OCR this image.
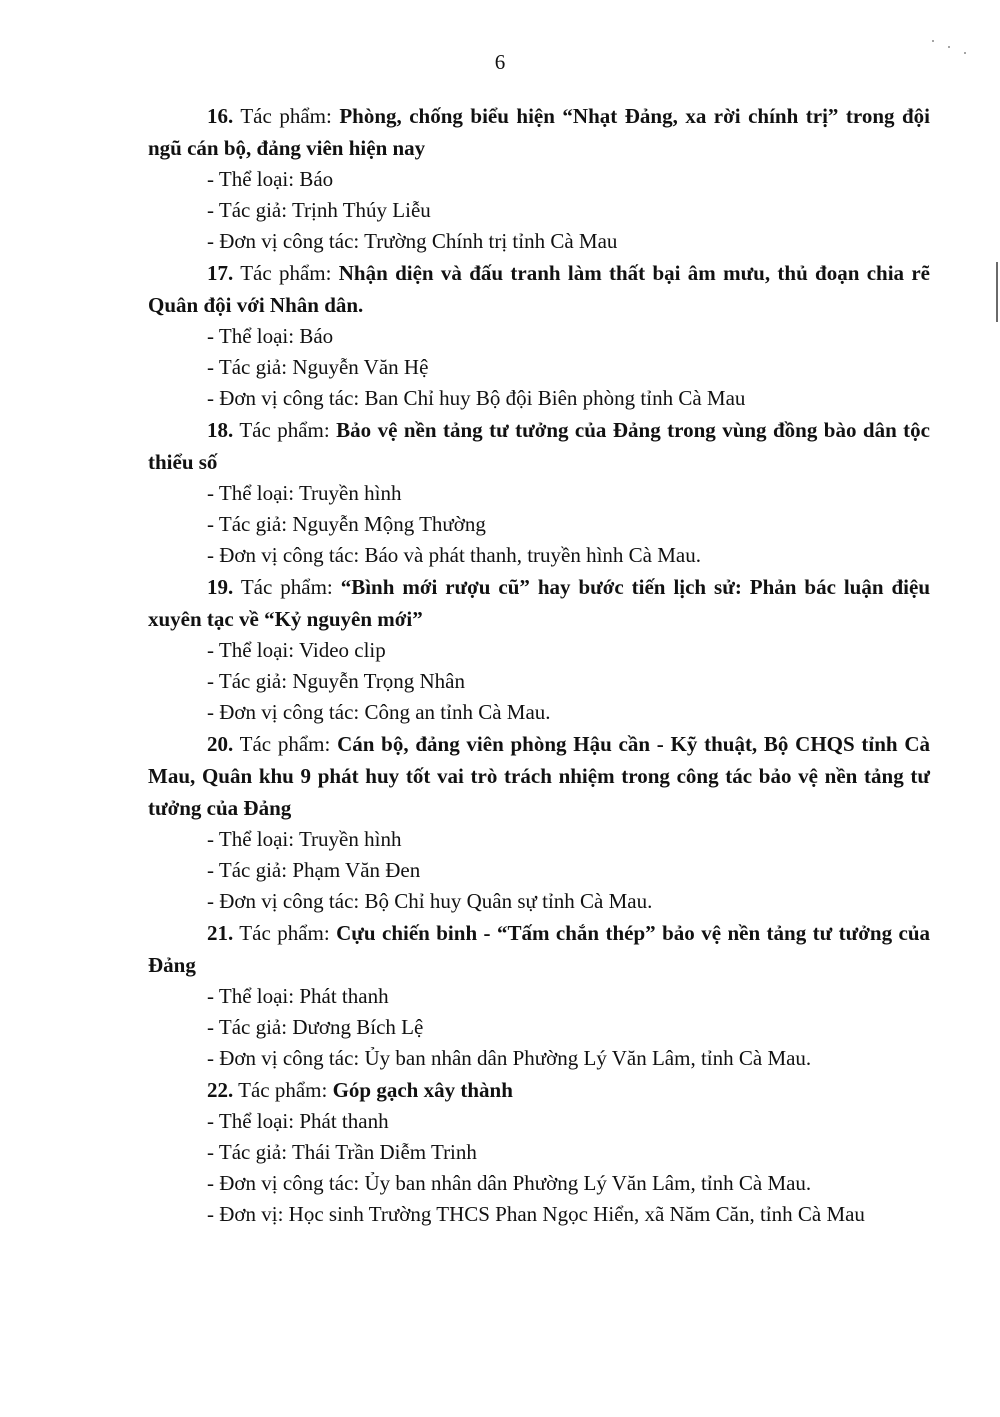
6

16. Tác phẩm: Phòng, chống biểu hiện “Nhạt Đảng, xa rời chính trị” trong đội ngũ cán bộ, đảng viên hiện nay

- Thể loại: Báo

- Tác giả: Trịnh Thúy Liễu

- Đơn vị công tác: Trường Chính trị tỉnh Cà Mau

17. Tác phẩm: Nhận diện và đấu tranh làm thất bại âm mưu, thủ đoạn chia rẽ Quân đội với Nhân dân.

- Thể loại: Báo

- Tác giả: Nguyễn Văn Hệ

- Đơn vị công tác: Ban Chỉ huy Bộ đội Biên phòng tỉnh Cà Mau

18. Tác phẩm: Bảo vệ nền tảng tư tưởng của Đảng trong vùng đồng bào dân tộc thiểu số

- Thể loại: Truyền hình

- Tác giả: Nguyễn Mộng Thường

- Đơn vị công tác: Báo và phát thanh, truyền hình Cà Mau.

19. Tác phẩm: “Bình mới rượu cũ” hay bước tiến lịch sử: Phản bác luận điệu xuyên tạc về “Kỷ nguyên mới”

- Thể loại: Video clip

- Tác giả: Nguyễn Trọng Nhân

- Đơn vị công tác: Công an tỉnh Cà Mau.

20. Tác phẩm: Cán bộ, đảng viên phòng Hậu cần - Kỹ thuật, Bộ CHQS tỉnh Cà Mau, Quân khu 9 phát huy tốt vai trò trách nhiệm trong công tác bảo vệ nền tảng tư tưởng của Đảng

- Thể loại: Truyền hình

- Tác giả: Phạm Văn Đen

- Đơn vị công tác: Bộ Chỉ huy Quân sự tỉnh Cà Mau.

21. Tác phẩm: Cựu chiến binh - “Tấm chắn thép” bảo vệ nền tảng tư tưởng của Đảng

- Thể loại: Phát thanh

- Tác giả: Dương Bích Lệ

- Đơn vị công tác: Ủy ban nhân dân Phường Lý Văn Lâm, tỉnh Cà Mau.

22. Tác phẩm: Góp gạch xây thành

- Thể loại: Phát thanh

- Tác giả: Thái Trần Diễm Trinh

- Đơn vị công tác: Ủy ban nhân dân Phường Lý Văn Lâm, tỉnh Cà Mau.

- Đơn vị: Học sinh Trường THCS Phan Ngọc Hiển, xã Năm Căn, tỉnh Cà Mau
